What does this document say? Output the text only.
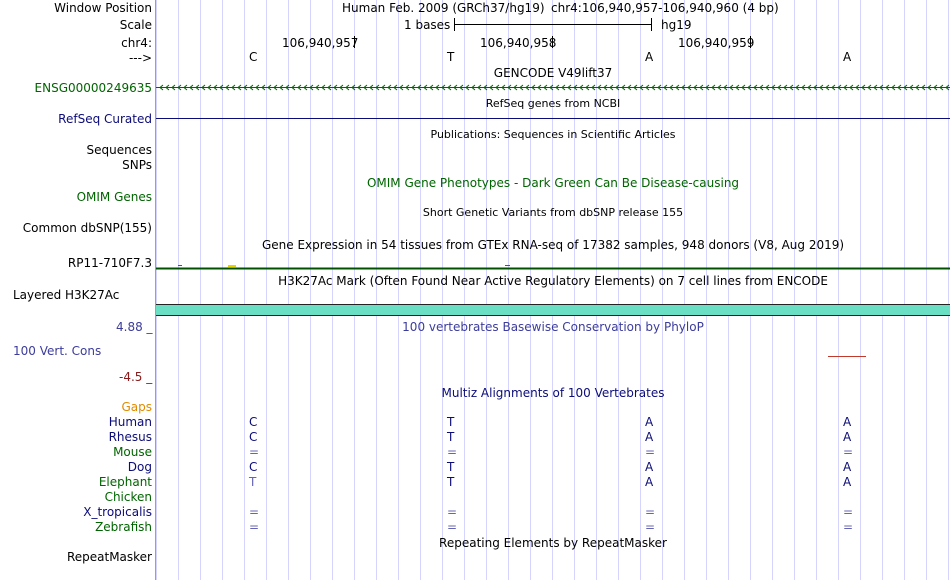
Window Position
Scale
chr4:
--->
Human Feb. 2009 (GRCh37/hg19) chr4:106,940,957-106,940,960 (4 bp)
1 bases	hg19
106,940,957	106,940,958	106,940,959
C	T	A	A
GENCODE V49lift37
ENSG00000249635
RefSeq genes from NCBI
RefSeq Curated
Publications: Sequences in Scientific Articles
Sequences
SNPs
OMIM Gene Phenotypes - Dark Green Can Be Disease-causing
OMIM Genes
Short Genetic Variants from dbSNP release 155
Common dbSNP(155)
Gene Expression in 54 tissues from GTEx RNA-seq of 17382 samples, 948 donors (V8, Aug 2019)
RP11-710F7.3
H3K27Ac Mark (Often Found Near Active Regulatory Elements) on 7 cell lines from ENCODE
Layered H3K27Ac
100 vertebrates Basewise Conservation by PhyloP
4.88 _
100 Vert. Cons
-4.5 _
Multiz Alignments of 100 Vertebrates
Gaps
Human	C	T	A	A
Rhesus	C	T	A	A
Mouse	=	=	=	=
Dog	C	T	A	A
Elephant	T	T	A	A
Chicken
X_tropicalis	=	=	=	=
Zebrafish	=	=	=	=
Repeating Elements by RepeatMasker
RepeatMasker
